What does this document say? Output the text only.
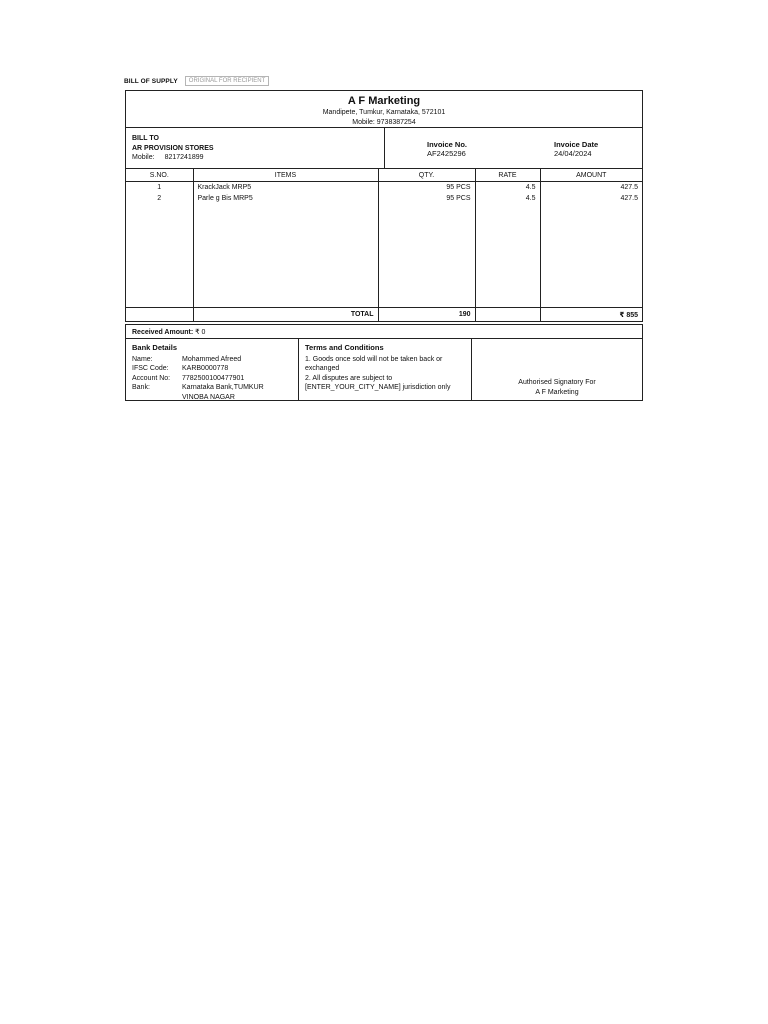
BILL OF SUPPLY	ORIGINAL FOR RECIPIENT
A F Marketing
Mandipete, Tumkur, Karnataka, 572101
Mobile: 9738387254
BILL TO
AR PROVISION STORES
Mobile: 8217241899
Invoice No.
AF2425296
Invoice Date
24/04/2024
S.NO.	ITEMS	QTY.	RATE	AMOUNT
1	KrackJack MRP5	95 PCS	4.5	427.5
2	Parle g Bis MRP5	95 PCS	4.5	427.5

	TOTAL	190		₹ 855
Received Amount: ₹ 0
Bank Details
Name:	Mohammed Afreed
IFSC Code:	KARB0000778
Account No:	7782500100477901
Bank:	Karnataka Bank,TUMKUR
VINOBA NAGAR
Terms and Conditions
1. Goods once sold will not be taken back or exchanged
2. All disputes are subject to [ENTER_YOUR_CITY_NAME] jurisdiction only
Authorised Signatory For
A F Marketing
